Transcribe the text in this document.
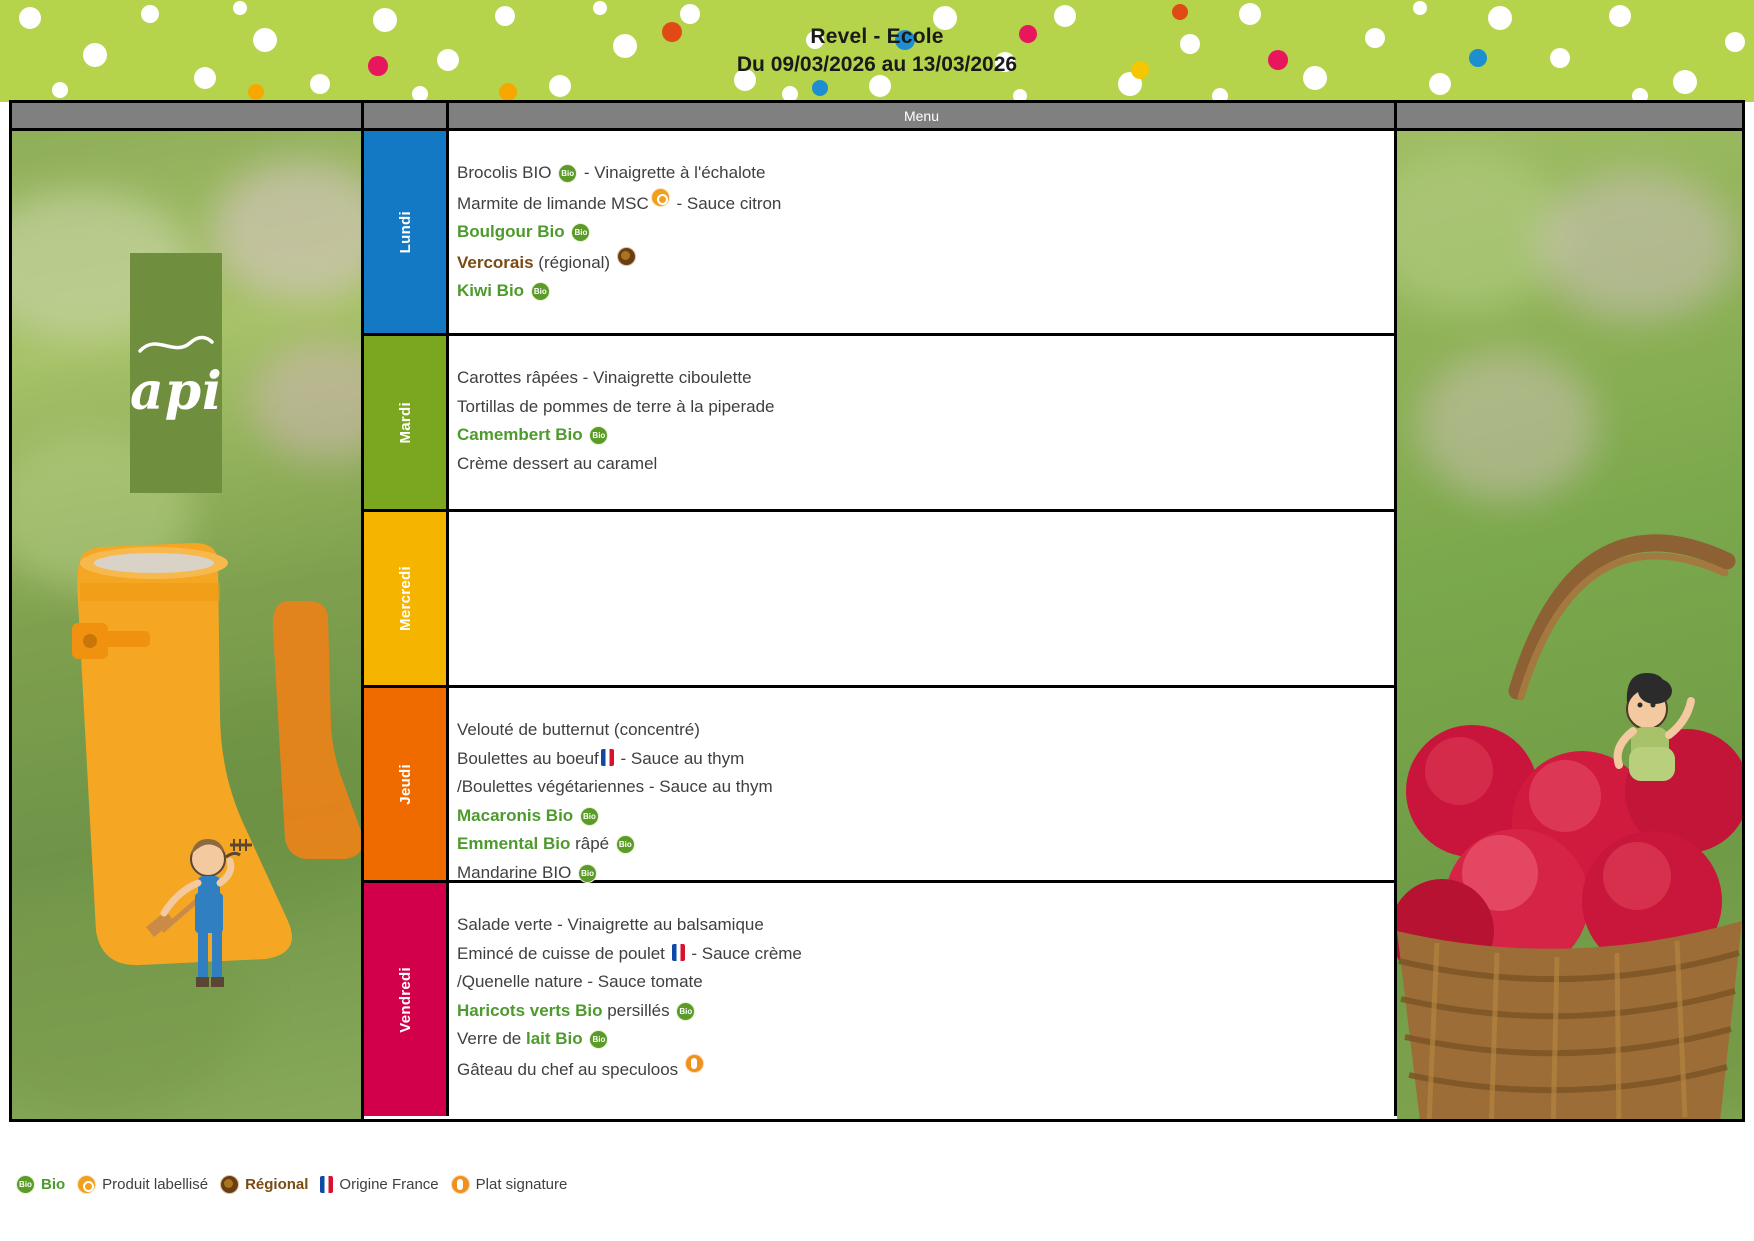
Revel - Ecole
Du 09/03/2026 au 13/03/2026
Menu
api
Lundi
Brocolis BIO Bio - Vinaigrette à l'échalote
Marmite de limande MSC - Sauce citron
Boulgour Bio Bio
Vercorais (régional)
Kiwi Bio Bio
Mardi
Carottes râpées - Vinaigrette ciboulette
Tortillas de pommes de terre à la piperade
Camembert Bio Bio
Crème dessert au caramel
Mercredi
Jeudi
Velouté de butternut (concentré)
Boulettes au boeuf - Sauce au thym
/Boulettes végétariennes - Sauce au thym
Macaronis Bio Bio
Emmental Bio râpé Bio
Mandarine BIO Bio
Vendredi
Salade verte - Vinaigrette au balsamique
Emincé de cuisse de poulet  - Sauce crème
/Quenelle nature - Sauce tomate
Haricots verts Bio persillés Bio
Verre de lait Bio Bio
Gâteau du chef au speculoos
Bio Bio Produit labellisé Régional Origine France Plat signature
